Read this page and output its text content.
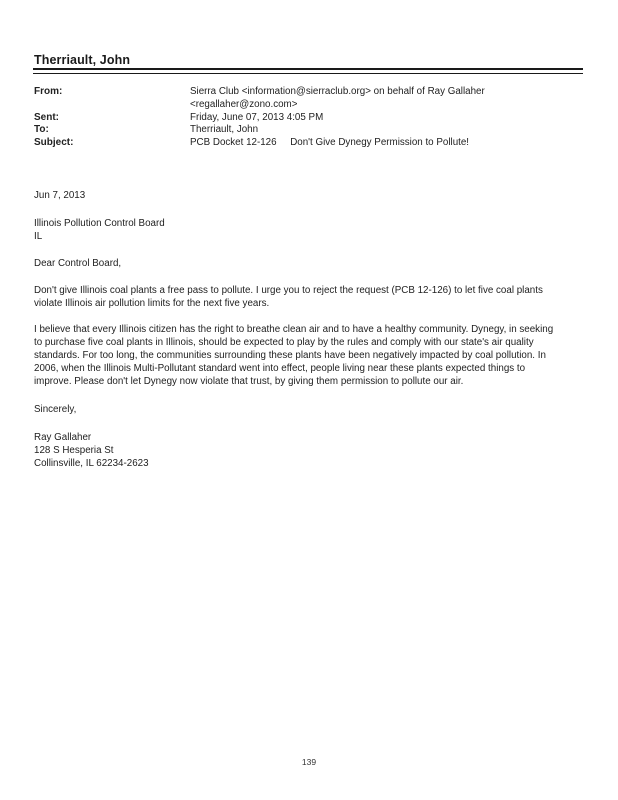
Therriault, John
From:
Sent:
To:
Subject:
Sierra Club <information@sierraclub.org> on behalf of Ray Gallaher
<regallaher@zono.com>
Friday, June 07, 2013 4:05 PM
Therriault, John
PCB Docket 12-126     Don't Give Dynegy Permission to Pollute!
Jun 7, 2013
Illinois Pollution Control Board
IL
Dear Control Board,
Don't give Illinois coal plants a free pass to pollute. I urge you to reject the request (PCB 12-126) to let five coal plants
violate Illinois air pollution limits for the next five years.
I believe that every Illinois citizen has the right to breathe clean air and to have a healthy community. Dynegy, in seeking
to purchase five coal plants in Illinois, should be expected to play by the rules and comply with our state's air quality
standards. For too long, the communities surrounding these plants have been negatively impacted by coal pollution. In
2006, when the Illinois Multi-Pollutant standard went into effect, people living near these plants expected things to
improve. Please don't let Dynegy now violate that trust, by giving them permission to pollute our air.
Sincerely,
Ray Gallaher
128 S Hesperia St
Collinsville, IL 62234-2623
139
